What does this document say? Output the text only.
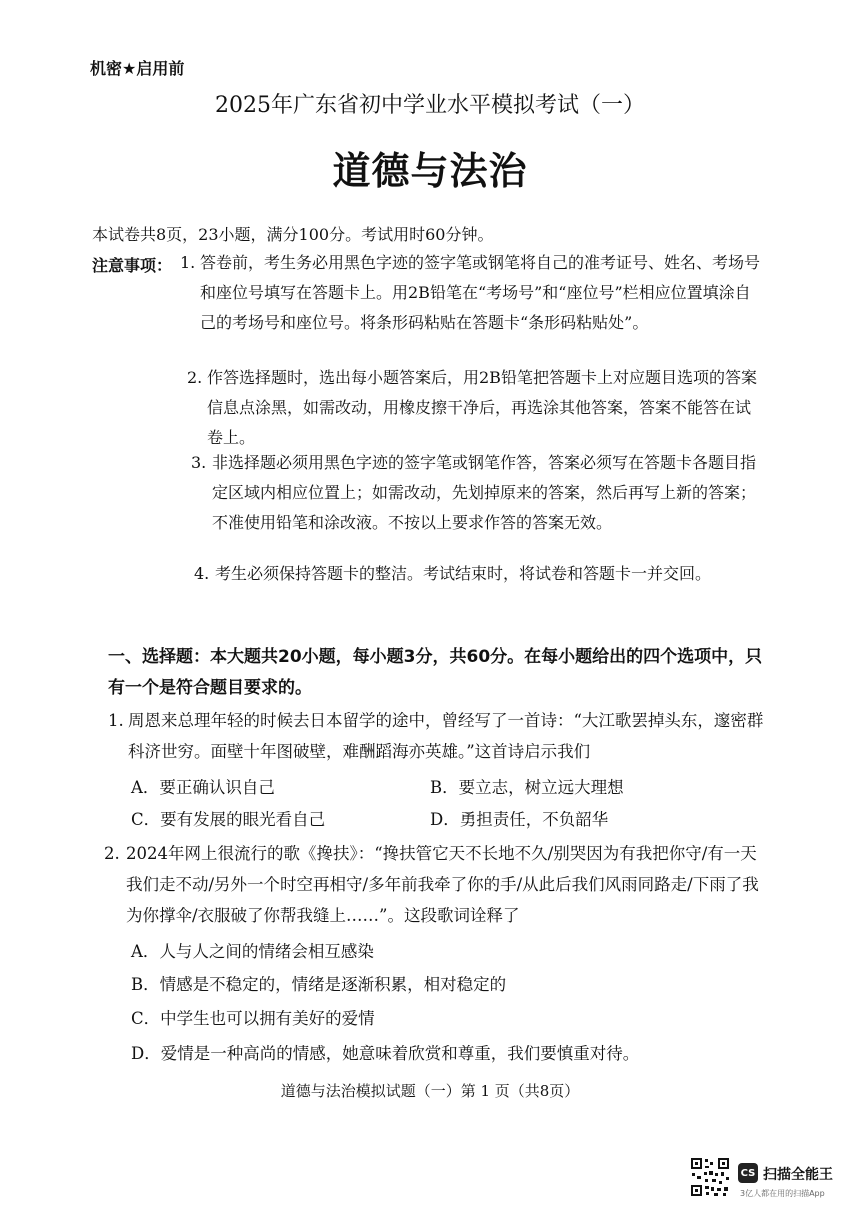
机密★启用前
2025年广东省初中学业水平模拟考试（一）
道德与法治
本试卷共8页，23小题，满分100分。考试用时60分钟。
注意事项： 1. 答卷前，考生务必用黑色字迹的签字笔或钢笔将自己的准考证号、姓名、考场号和座位号填写在答题卡上。用2B铅笔在“考场号”和“座位号”栏相应位置填涂自己的考场号和座位号。将条形码粘贴在答题卡“条形码粘贴处”。
2. 作答选择题时，选出每小题答案后，用2B铅笔把答题卡上对应题目选项的答案信息点涂黑，如需改动，用橡皮擦干净后，再选涂其他答案，答案不能答在试卷上。
3. 非选择题必须用黑色字迹的签字笔或钢笔作答，答案必须写在答题卡各题目指定区域内相应位置上；如需改动，先划掉原来的答案，然后再写上新的答案；不准使用铅笔和涂改液。不按以上要求作答的答案无效。
4. 考生必须保持答题卡的整洁。考试结束时，将试卷和答题卡一并交回。
一、选择题：本大题共20小题，每小题3分，共60分。在每小题给出的四个选项中，只有一个是符合题目要求的。
1. 周恩来总理年轻的时候去日本留学的途中，曾经写了一首诗：“大江歌罢掉头东，邃密群科济世穷。面壁十年图破壁，难酬蹈海亦英雄。”这首诗启示我们
A．要正确认识自己	B．要立志，树立远大理想
C．要有发展的眼光看自己	D．勇担责任，不负韶华
2. 2024年网上很流行的歌《搀扶》：“搀扶管它天不长地不久/别哭因为有我把你守/有一天我们走不动/另外一个时空再相守/多年前我牵了你的手/从此后我们风雨同路走/下雨了我为你撑伞/衣服破了你帮我缝上……”。这段歌词诠释了
A．人与人之间的情绪会相互感染
B．情感是不稳定的，情绪是逐渐积累，相对稳定的
C．中学生也可以拥有美好的爱情
D．爱情是一种高尚的情感，她意味着欣赏和尊重，我们要慎重对待。
道德与法治模拟试题（一）第 1 页（共8页）
CS 扫描全能王
3亿人都在用的扫描App
